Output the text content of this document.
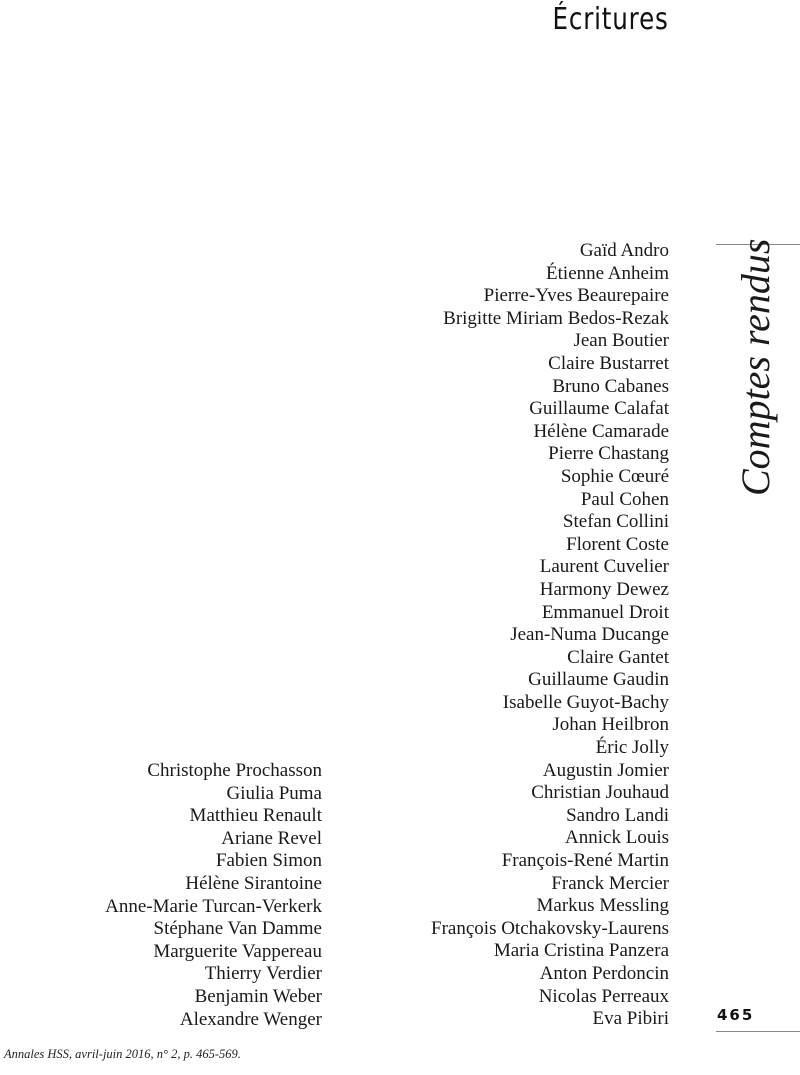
Écritures
Gaïd Andro
Étienne Anheim
Pierre-Yves Beaurepaire
Brigitte Miriam Bedos-Rezak
Jean Boutier
Claire Bustarret
Bruno Cabanes
Guillaume Calafat
Hélène Camarade
Pierre Chastang
Sophie Cœuré
Paul Cohen
Stefan Collini
Florent Coste
Laurent Cuvelier
Harmony Dewez
Emmanuel Droit
Jean-Numa Ducange
Claire Gantet
Guillaume Gaudin
Isabelle Guyot-Bachy
Johan Heilbron
Éric Jolly
Augustin Jomier
Christian Jouhaud
Sandro Landi
Annick Louis
François-René Martin
Franck Mercier
Markus Messling
François Otchakovsky-Laurens
Maria Cristina Panzera
Anton Perdoncin
Nicolas Perreaux
Eva Pibiri
Christophe Prochasson
Giulia Puma
Matthieu Renault
Ariane Revel
Fabien Simon
Hélène Sirantoine
Anne-Marie Turcan-Verkerk
Stéphane Van Damme
Marguerite Vappereau
Thierry Verdier
Benjamin Weber
Alexandre Wenger
Comptes rendus
465
Annales HSS, avril-juin 2016, n° 2, p. 465-569.
